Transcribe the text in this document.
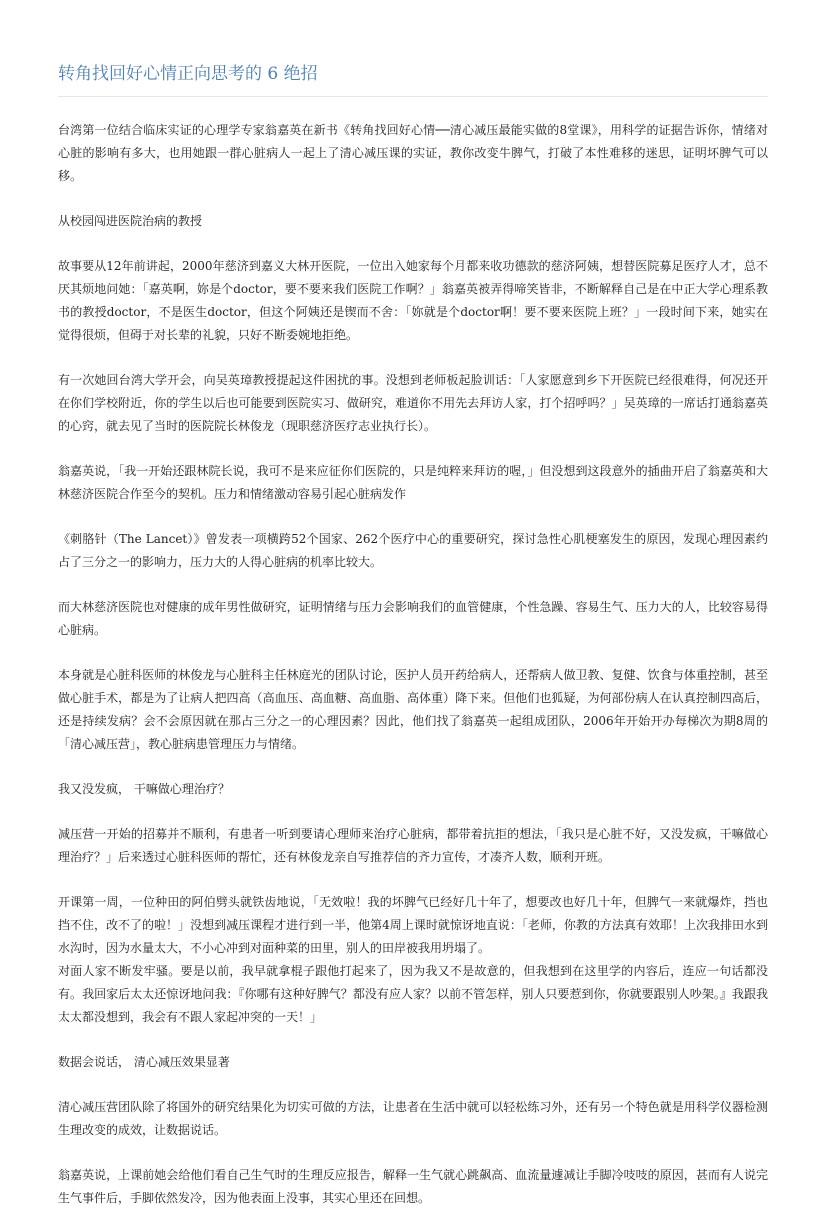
转角找回好心情正向思考的 6 绝招

台湾第一位结合临床实证的心理学专家翁嘉英在新书《转角找回好心情──清心减压最能实做的8堂课》，用科学的证据告诉你，情绪对心脏的影响有多大，也用她跟一群心脏病人一起上了清心减压课的实证，教你改变牛脾气，打破了本性难移的迷思，证明坏脾气可以移。

从校园闯进医院治病的教授

故事要从12年前讲起，2000年慈济到嘉义大林开医院，一位出入她家每个月都来收功德款的慈济阿姨，想替医院募足医疗人才，总不厌其烦地问她：「嘉英啊，妳是个doctor，要不要来我们医院工作啊？」翁嘉英被弄得啼笑皆非，不断解释自己是在中正大学心理系教书的教授doctor，不是医生doctor，但这个阿姨还是锲而不舍：「妳就是个doctor啊！要不要来医院上班？」一段时间下来，她实在觉得很烦，但碍于对长辈的礼貌，只好不断委婉地拒绝。

有一次她回台湾大学开会，向吴英璋教授提起这件困扰的事。没想到老师板起脸训话：「人家愿意到乡下开医院已经很难得，何况还开在你们学校附近，你的学生以后也可能要到医院实习、做研究，难道你不用先去拜访人家，打个招呼吗？」吴英璋的一席话打通翁嘉英的心窍，就去见了当时的医院院长林俊龙（现职慈济医疗志业执行长）。

翁嘉英说，「我一开始还跟林院长说，我可不是来应征你们医院的，只是纯粹来拜访的喔，」但没想到这段意外的插曲开启了翁嘉英和大林慈济医院合作至今的契机。压力和情绪激动容易引起心脏病发作

《刺胳针（The Lancet）》曾发表一项横跨52个国家、262个医疗中心的重要研究，探讨急性心肌梗塞发生的原因，发现心理因素约占了三分之一的影响力，压力大的人得心脏病的机率比较大。

而大林慈济医院也对健康的成年男性做研究，证明情绪与压力会影响我们的血管健康，个性急躁、容易生气、压力大的人，比较容易得心脏病。

本身就是心脏科医师的林俊龙与心脏科主任林庭光的团队讨论，医护人员开药给病人，还帮病人做卫教、复健、饮食与体重控制，甚至做心脏手术，都是为了让病人把四高（高血压、高血糖、高血脂、高体重）降下来。但他们也狐疑，为何部份病人在认真控制四高后，还是持续发病？会不会原因就在那占三分之一的心理因素？因此，他们找了翁嘉英一起组成团队，2006年开始开办每梯次为期8周的「清心减压营」，教心脏病患管理压力与情绪。

我又没发疯， 干嘛做心理治疗？

减压营一开始的招募并不顺利，有患者一听到要请心理师来治疗心脏病，都带着抗拒的想法，「我只是心脏不好，又没发疯，干嘛做心理治疗？」后来透过心脏科医师的帮忙，还有林俊龙亲自写推荐信的齐力宣传，才凑齐人数，顺利开班。

开课第一周，一位种田的阿伯劈头就铁齿地说，「无效啦！我的坏脾气已经好几十年了，想要改也好几十年，但脾气一来就爆炸，挡也挡不住，改不了的啦！」没想到减压课程才进行到一半，他第4周上课时就惊讶地直说：「老师，你教的方法真有效耶！上次我排田水到水沟时，因为水量太大，不小心冲到对面种菜的田里，别人的田岸被我用坍塌了。

对面人家不断发牢骚。要是以前，我早就拿棍子跟他打起来了，因为我又不是故意的，但我想到在这里学的内容后，连应一句话都没有。我回家后太太还惊讶地问我：『你哪有这种好脾气？都没有应人家？以前不管怎样，别人只要惹到你，你就要跟别人吵架。』我跟我太太都没想到，我会有不跟人家起冲突的一天！」

数据会说话， 清心减压效果显著

清心减压营团队除了将国外的研究结果化为切实可做的方法，让患者在生活中就可以轻松练习外，还有另一个特色就是用科学仪器检测生理改变的成效，让数据说话。

翁嘉英说，上课前她会给他们看自己生气时的生理反应报告，解释一生气就心跳飙高、血流量遽减让手脚冷吱吱的原因，甚而有人说完生气事件后，手脚依然发冷，因为他表面上没事，其实心里还在回想。
